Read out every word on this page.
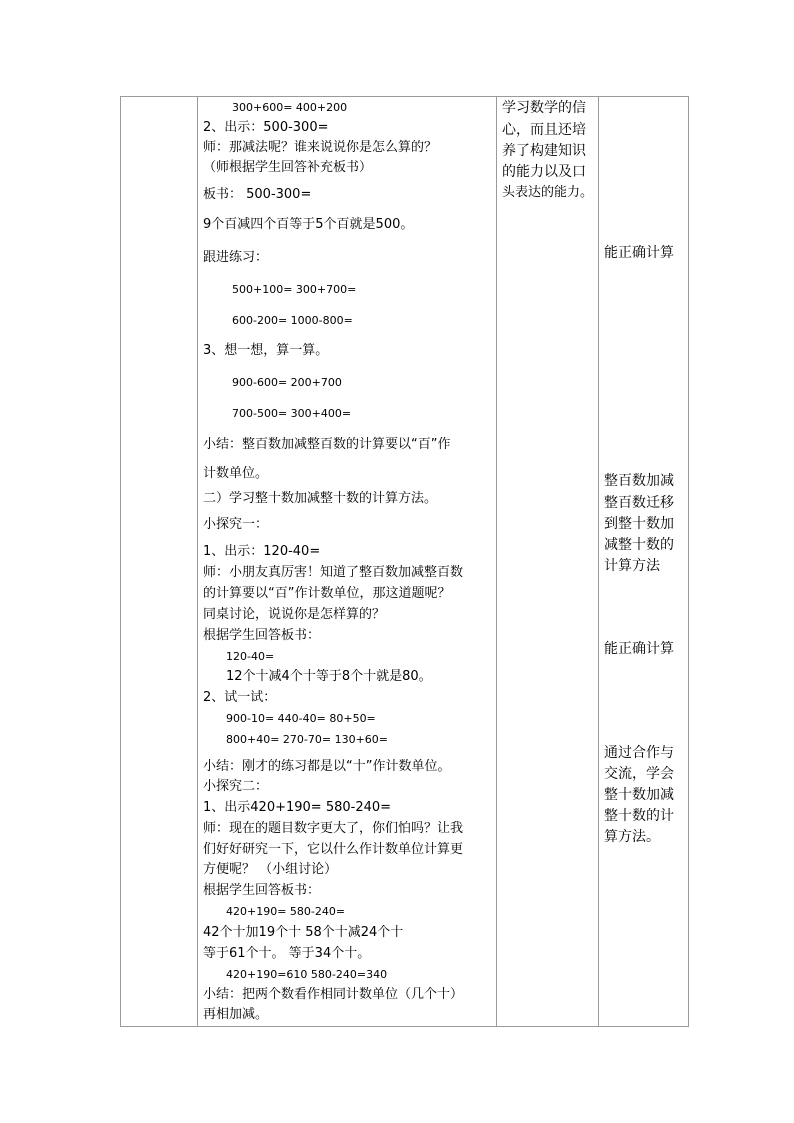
300+600= 400+200
2、出示：500-300=
师：那减法呢？谁来说说你是怎么算的？
（师根据学生回答补充板书）
板书： 500-300=
9个百减四个百等于5个百就是500。
跟进练习：
500+100= 300+700=
600-200= 1000-800=
3、想一想，算一算。
900-600= 200+700
700-500= 300+400=
小结：整百数加减整百数的计算要以“百”作
计数单位。
二）学习整十数加减整十数的计算方法。
小探究一：
1、出示：120-40=
师：小朋友真厉害！知道了整百数加减整百数
的计算要以“百”作计数单位，那这道题呢？
同桌讨论，说说你是怎样算的？
根据学生回答板书：
120-40=
12个十减4个十等于8个十就是80。
2、试一试：
900-10= 440-40= 80+50=
800+40= 270-70= 130+60=
小结：刚才的练习都是以“十”作计数单位。
小探究二：
1、出示420+190= 580-240=
师：现在的题目数字更大了，你们怕吗？让我
们好好研究一下，它以什么作计数单位计算更
方便呢？ （小组讨论）
根据学生回答板书：
420+190= 580-240=
42个十加19个十 58个十减24个十
等于61个十。 等于34个十。
420+190=610 580-240=340
小结：把两个数看作相同计数单位（几个十）
再相加减。
学习数学的信
心，而且还培
养了构建知识
的能力以及口
头表达的能力。
能正确计算
整百数加减
整百数迁移
到整十数加
减整十数的
计算方法
能正确计算
通过合作与
交流，学会
整十数加减
整十数的计
算方法。
